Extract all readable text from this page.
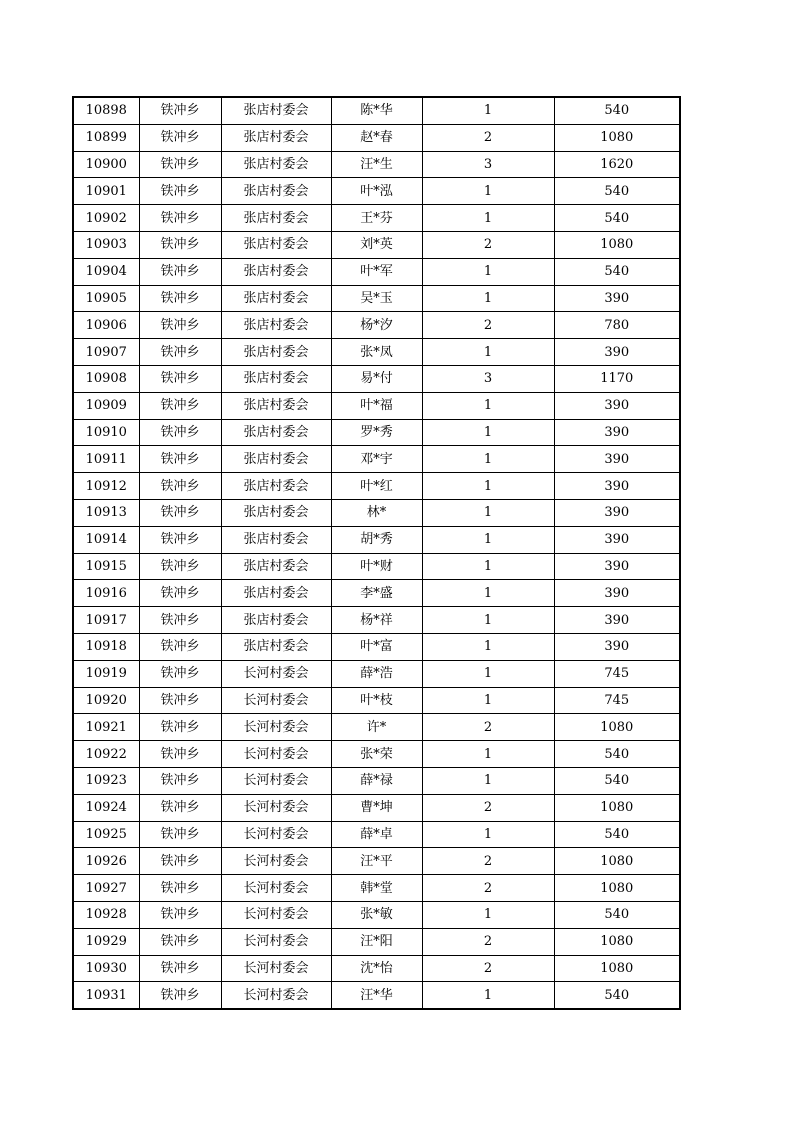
10898	铁冲乡	张店村委会	陈*华	1	540
10899	铁冲乡	张店村委会	赵*春	2	1080
10900	铁冲乡	张店村委会	汪*生	3	1620
10901	铁冲乡	张店村委会	叶*泓	1	540
10902	铁冲乡	张店村委会	王*芬	1	540
10903	铁冲乡	张店村委会	刘*英	2	1080
10904	铁冲乡	张店村委会	叶*军	1	540
10905	铁冲乡	张店村委会	吴*玉	1	390
10906	铁冲乡	张店村委会	杨*汐	2	780
10907	铁冲乡	张店村委会	张*凤	1	390
10908	铁冲乡	张店村委会	易*付	3	1170
10909	铁冲乡	张店村委会	叶*福	1	390
10910	铁冲乡	张店村委会	罗*秀	1	390
10911	铁冲乡	张店村委会	邓*宇	1	390
10912	铁冲乡	张店村委会	叶*红	1	390
10913	铁冲乡	张店村委会	林*	1	390
10914	铁冲乡	张店村委会	胡*秀	1	390
10915	铁冲乡	张店村委会	叶*财	1	390
10916	铁冲乡	张店村委会	李*盛	1	390
10917	铁冲乡	张店村委会	杨*祥	1	390
10918	铁冲乡	张店村委会	叶*富	1	390
10919	铁冲乡	长河村委会	薛*浩	1	745
10920	铁冲乡	长河村委会	叶*枝	1	745
10921	铁冲乡	长河村委会	许*	2	1080
10922	铁冲乡	长河村委会	张*荣	1	540
10923	铁冲乡	长河村委会	薛*禄	1	540
10924	铁冲乡	长河村委会	曹*坤	2	1080
10925	铁冲乡	长河村委会	薛*卓	1	540
10926	铁冲乡	长河村委会	汪*平	2	1080
10927	铁冲乡	长河村委会	韩*堂	2	1080
10928	铁冲乡	长河村委会	张*敏	1	540
10929	铁冲乡	长河村委会	汪*阳	2	1080
10930	铁冲乡	长河村委会	沈*怡	2	1080
10931	铁冲乡	长河村委会	汪*华	1	540
